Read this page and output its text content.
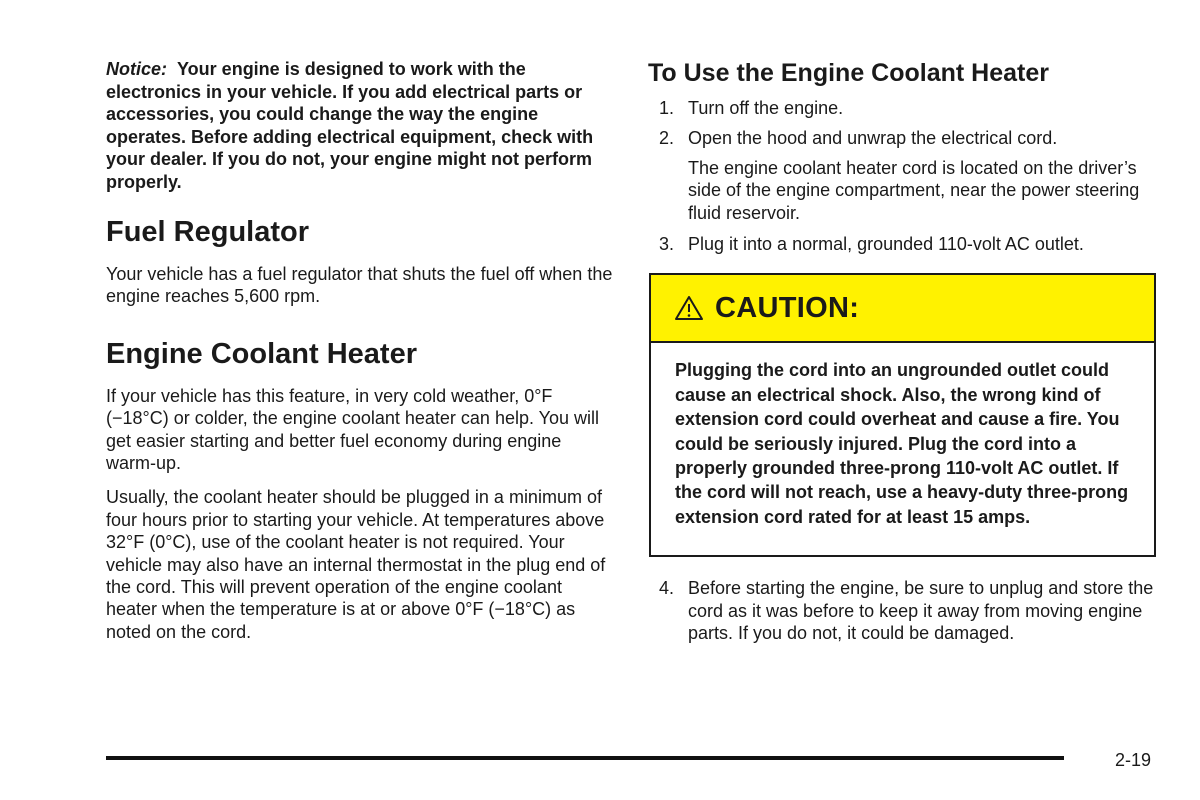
Notice: Your engine is designed to work with the electronics in your vehicle. If you add electrical parts or accessories, you could change the way the engine operates. Before adding electrical equipment, check with your dealer. If you do not, your engine might not perform properly.

Fuel Regulator

Your vehicle has a fuel regulator that shuts the fuel off when the engine reaches 5,600 rpm.

Engine Coolant Heater

If your vehicle has this feature, in very cold weather, 0°F (−18°C) or colder, the engine coolant heater can help. You will get easier starting and better fuel economy during engine warm-up.

Usually, the coolant heater should be plugged in a minimum of four hours prior to starting your vehicle. At temperatures above 32°F (0°C), use of the coolant heater is not required. Your vehicle may also have an internal thermostat in the plug end of the cord. This will prevent operation of the engine coolant heater when the temperature is at or above 0°F (−18°C) as noted on the cord.

To Use the Engine Coolant Heater
1. Turn off the engine.
2. Open the hood and unwrap the electrical cord.
The engine coolant heater cord is located on the driver’s side of the engine compartment, near the power steering fluid reservoir.
3. Plug it into a normal, grounded 110-volt AC outlet.
CAUTION:
Plugging the cord into an ungrounded outlet could cause an electrical shock. Also, the wrong kind of extension cord could overheat and cause a fire. You could be seriously injured. Plug the cord into a properly grounded three-prong 110-volt AC outlet. If the cord will not reach, use a heavy-duty three-prong extension cord rated for at least 15 amps.
4. Before starting the engine, be sure to unplug and store the cord as it was before to keep it away from moving engine parts. If you do not, it could be damaged.
2-19
